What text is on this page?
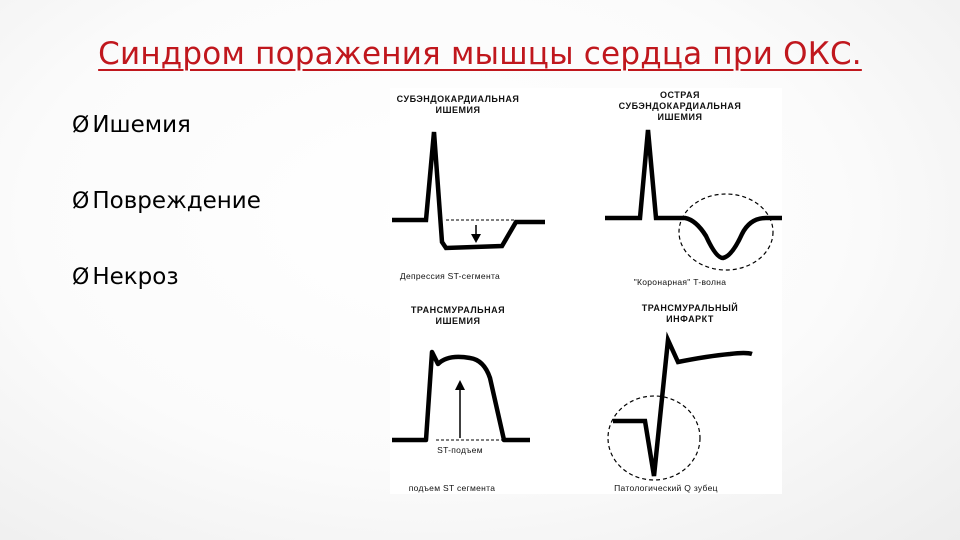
Синдром поражения мышцы сердца при ОКС.
Ø Ишемия
Ø Повреждение
Ø Некроз
СУБЭНДОКАРДИАЛЬНАЯ
ИШЕМИЯ
Депрессия ST-сегмента
ОСТРАЯ
СУБЭНДОКАРДИАЛЬНАЯ
ИШЕМИЯ
"Коронарная" T-волна
ТРАНСМУРАЛЬНАЯ
ИШЕМИЯ
ST-подъем
подъем ST сегмента
ТРАНСМУРАЛЬНЫЙ
ИНФАРКТ
Патологический Q зубец
